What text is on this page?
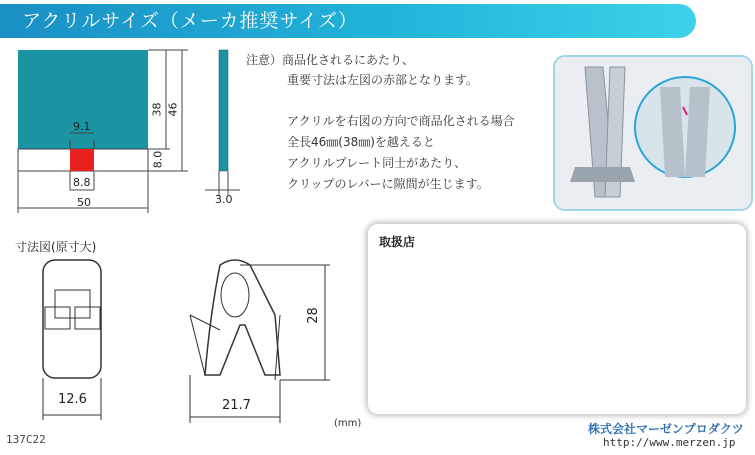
アクリルサイズ（メーカ推奨サイズ）
9.1
8.8
50
38 46
8.0
3.0
注意）商品化されるにあたり、
重要寸法は左図の赤部となります。
アクリルを右図の方向で商品化される場合
全長46㎜(38㎜)を越えると
アクリルプレート同士があたり、
クリップのレバーに隙間が生じます。
寸法図(原寸大)
12.6	21.7
28
(mm)
取扱店
137C22
株式会社マーゼンプロダクツ
http://www.merzen.jp
